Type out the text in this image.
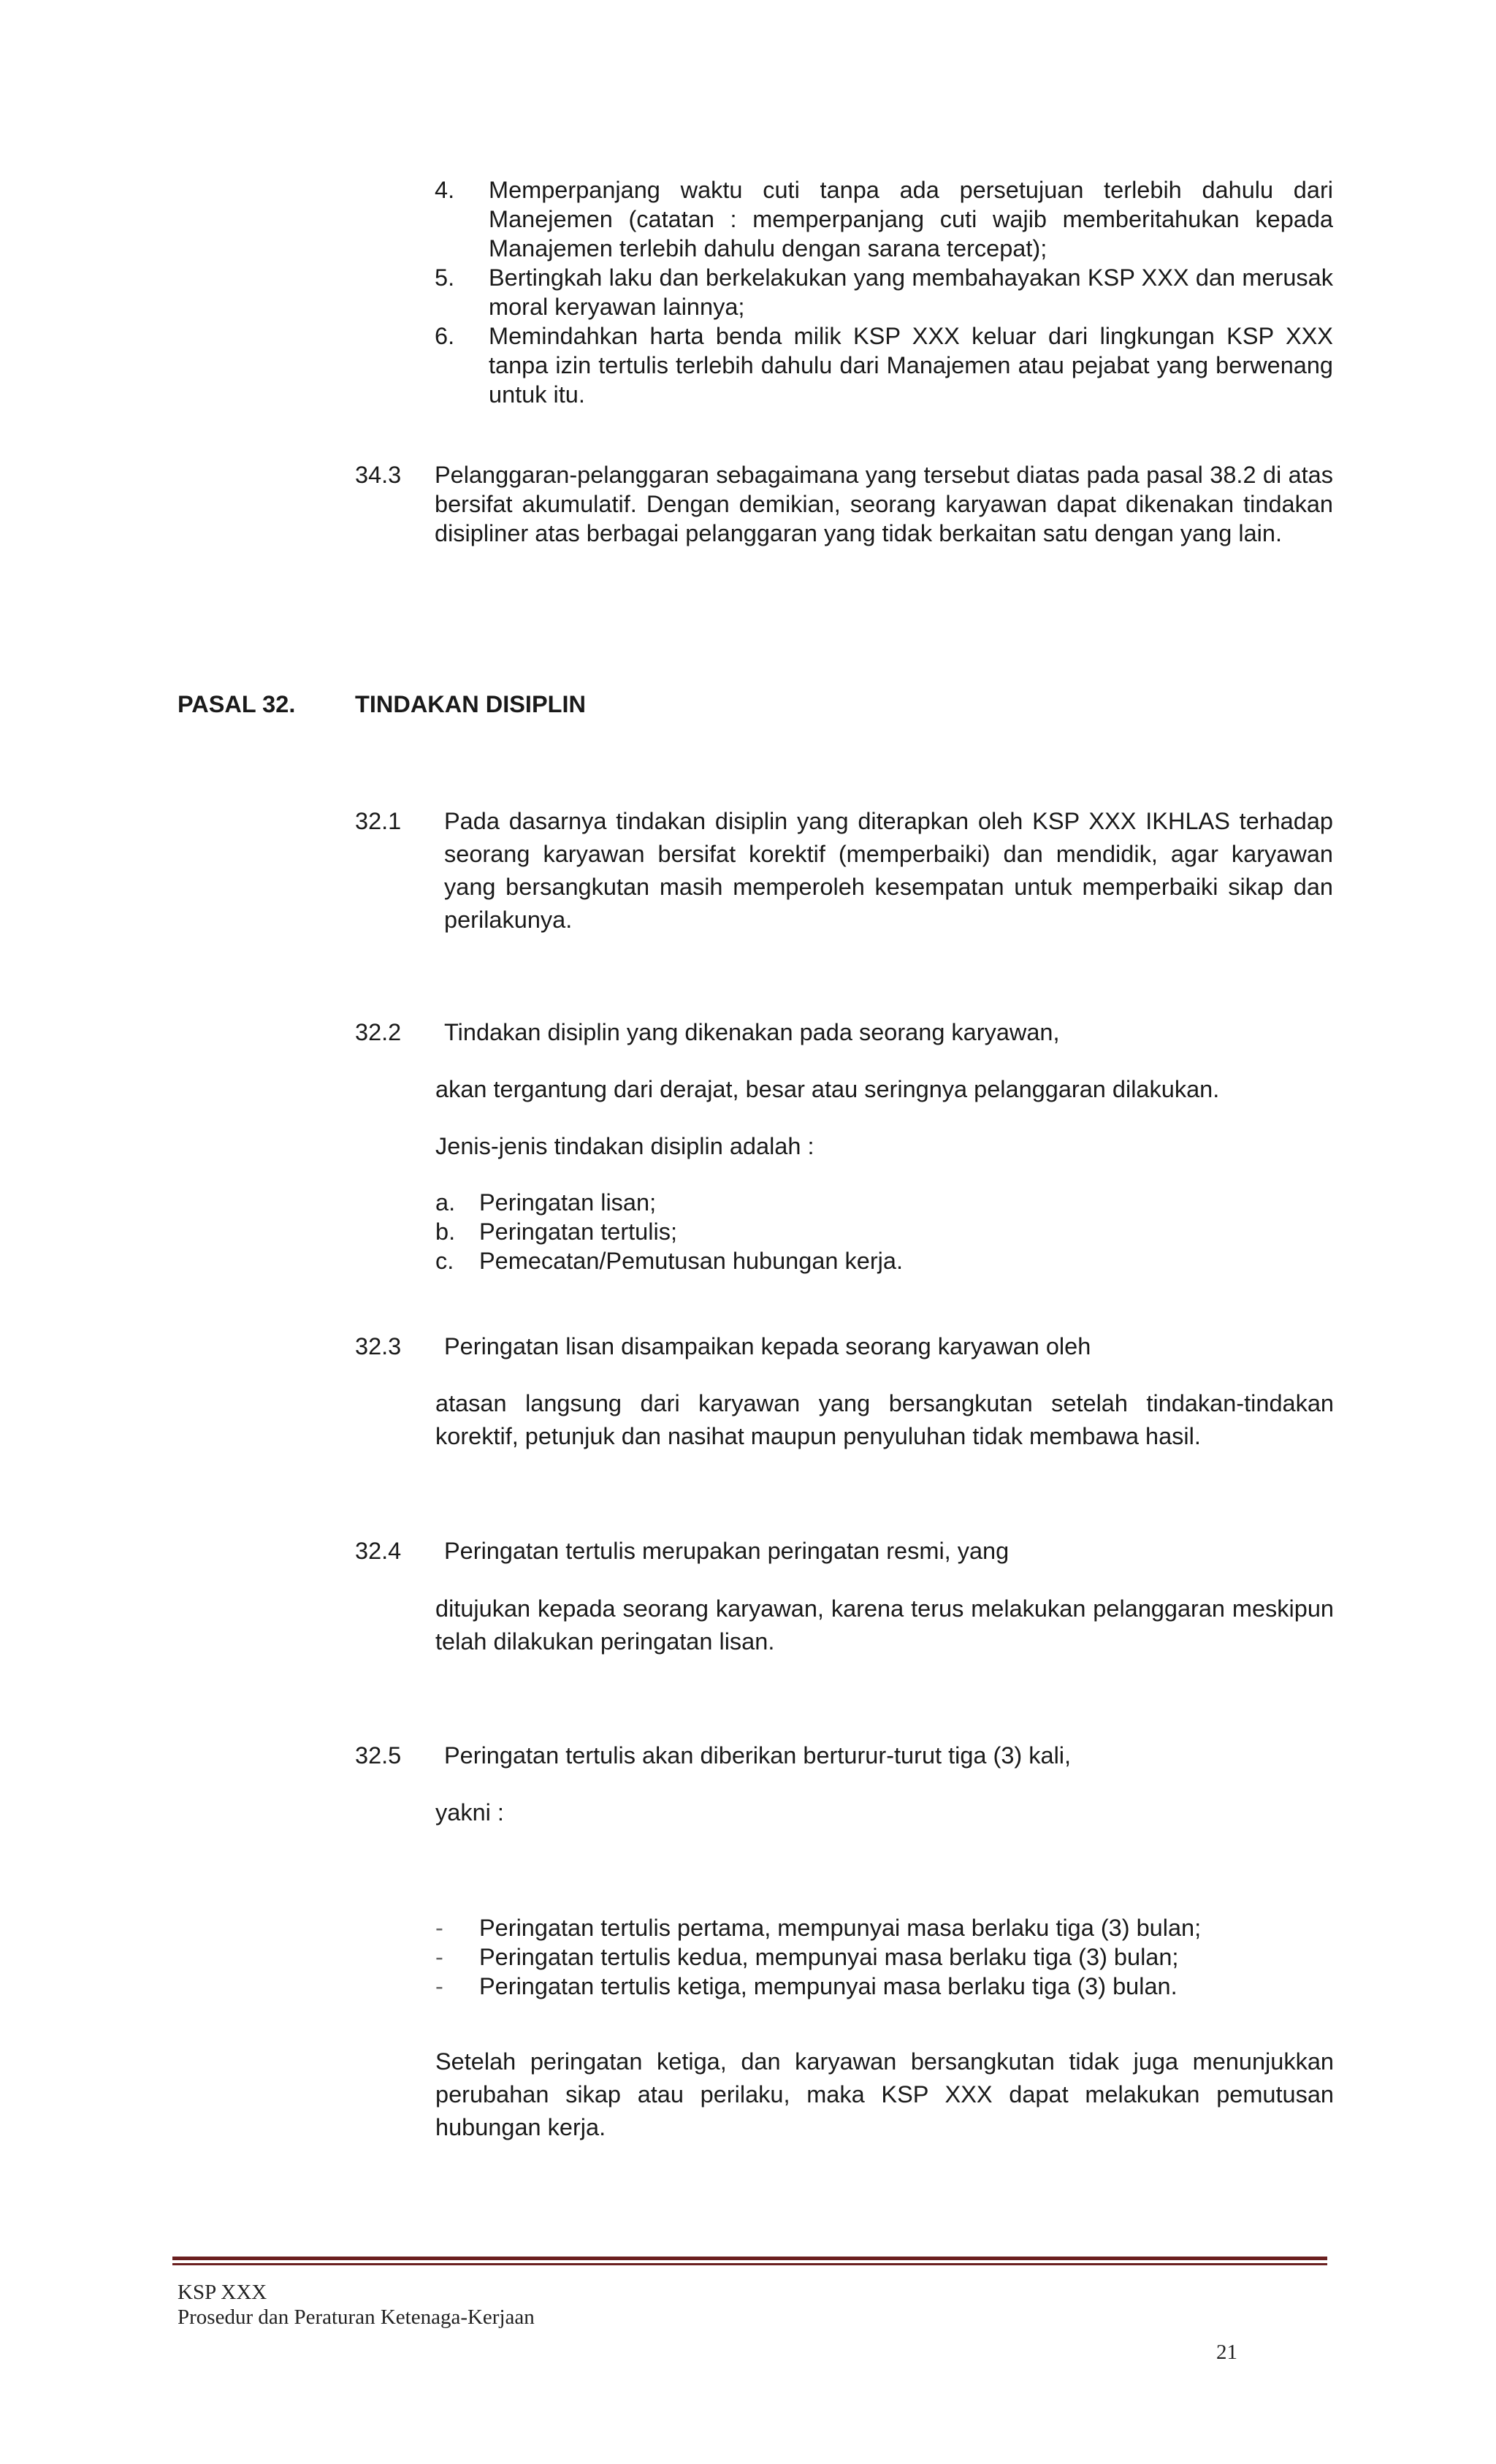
4. Memperpanjang waktu cuti tanpa ada persetujuan terlebih dahulu dari Manejemen (catatan : memperpanjang cuti wajib memberitahukan kepada Manajemen terlebih dahulu dengan sarana tercepat);
5. Bertingkah laku dan berkelakukan yang membahayakan KSP XXX dan merusak moral keryawan lainnya;
6. Memindahkan harta benda milik KSP XXX keluar dari lingkungan KSP XXX tanpa izin tertulis terlebih dahulu dari Manajemen atau pejabat yang berwenang untuk itu.
34.3 Pelanggaran-pelanggaran sebagaimana yang tersebut diatas pada pasal 38.2 di atas bersifat akumulatif. Dengan demikian, seorang karyawan dapat dikenakan tindakan disipliner atas berbagai pelanggaran yang tidak berkaitan satu dengan yang lain.
PASAL 32.	TINDAKAN DISIPLIN
32.1 Pada dasarnya tindakan disiplin yang diterapkan oleh KSP XXX IKHLAS terhadap seorang karyawan bersifat korektif (memperbaiki) dan mendidik, agar karyawan yang bersangkutan masih memperoleh kesempatan untuk memperbaiki sikap dan perilakunya.
32.2 Tindakan disiplin yang dikenakan pada seorang karyawan,
akan tergantung dari derajat, besar atau seringnya pelanggaran dilakukan.
Jenis-jenis tindakan disiplin adalah :
a. Peringatan lisan;
b. Peringatan tertulis;
c. Pemecatan/Pemutusan hubungan kerja.
32.3 Peringatan lisan disampaikan kepada seorang karyawan oleh
atasan langsung dari karyawan yang bersangkutan setelah tindakan-tindakan korektif, petunjuk dan nasihat maupun penyuluhan tidak membawa hasil.
32.4 Peringatan tertulis merupakan peringatan resmi, yang
ditujukan kepada seorang karyawan, karena terus melakukan pelanggaran meskipun telah dilakukan peringatan lisan.
32.5 Peringatan tertulis akan diberikan berturur-turut tiga (3) kali,
yakni :
- Peringatan tertulis pertama, mempunyai masa berlaku tiga (3) bulan;
- Peringatan tertulis kedua, mempunyai masa berlaku tiga (3) bulan;
- Peringatan tertulis ketiga, mempunyai masa berlaku tiga (3) bulan.
Setelah peringatan ketiga, dan karyawan bersangkutan tidak juga menunjukkan perubahan sikap atau perilaku, maka KSP XXX dapat melakukan pemutusan hubungan kerja.
KSP XXX
Prosedur dan Peraturan Ketenaga-Kerjaan
21
